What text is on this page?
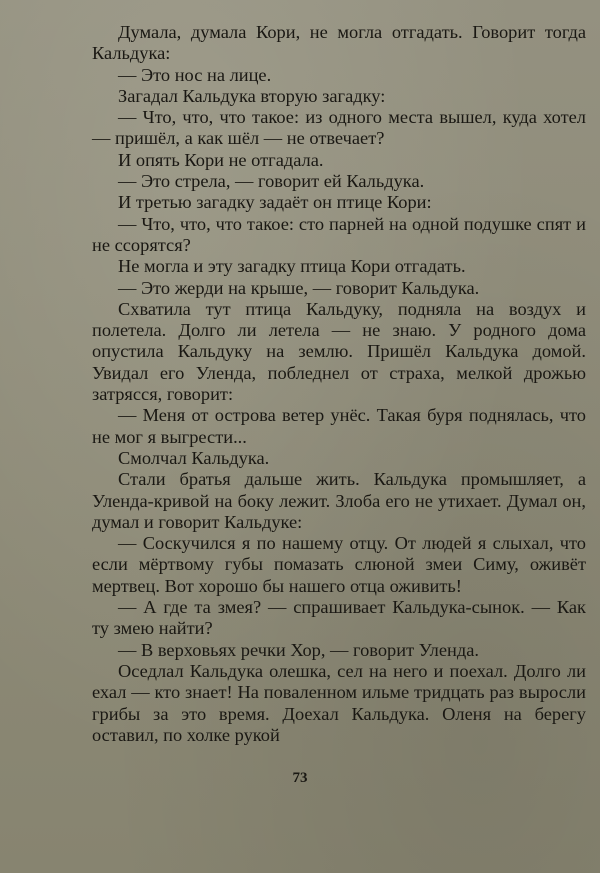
Думала, думала Кори, не могла отгадать. Говорит тогда Кальдука:

— Это нос на лице.

Загадал Кальдука вторую загадку:

— Что, что, что такое: из одного места вышел, куда хотел — пришёл, а как шёл — не отвечает?

И опять Кори не отгадала.

— Это стрела, — говорит ей Кальдука.

И третью загадку задаёт он птице Кори:

— Что, что, что такое: сто парней на одной подушке спят и не ссорятся?

Не могла и эту загадку птица Кори отгадать.

— Это жерди на крыше, — говорит Кальдука.

Схватила тут птица Кальдуку, подняла на воздух и полетела. Долго ли летела — не знаю. У родного дома опустила Кальдуку на землю. Пришёл Кальдука домой. Увидал его Уленда, побледнел от страха, мелкой дрожью затрясся, говорит:

— Меня от острова ветер унёс. Такая буря поднялась, что не мог я выгрести...

Смолчал Кальдука.

Стали братья дальше жить. Кальдука промышляет, а Уленда-кривой на боку лежит. Злоба его не утихает. Думал он, думал и говорит Кальдуке:

— Соскучился я по нашему отцу. От людей я слыхал, что если мёртвому губы помазать слюной змеи Симу, оживёт мертвец. Вот хорошо бы нашего отца оживить!

— А где та змея? — спрашивает Кальдука-сынок. — Как ту змею найти?

— В верховьях речки Хор, — говорит Уленда.

Оседлал Кальдука олешка, сел на него и поехал. Долго ли ехал — кто знает! На поваленном ильме тридцать раз выросли грибы за это время. Доехал Кальдука. Оленя на берегу оставил, по холке рукой

73
